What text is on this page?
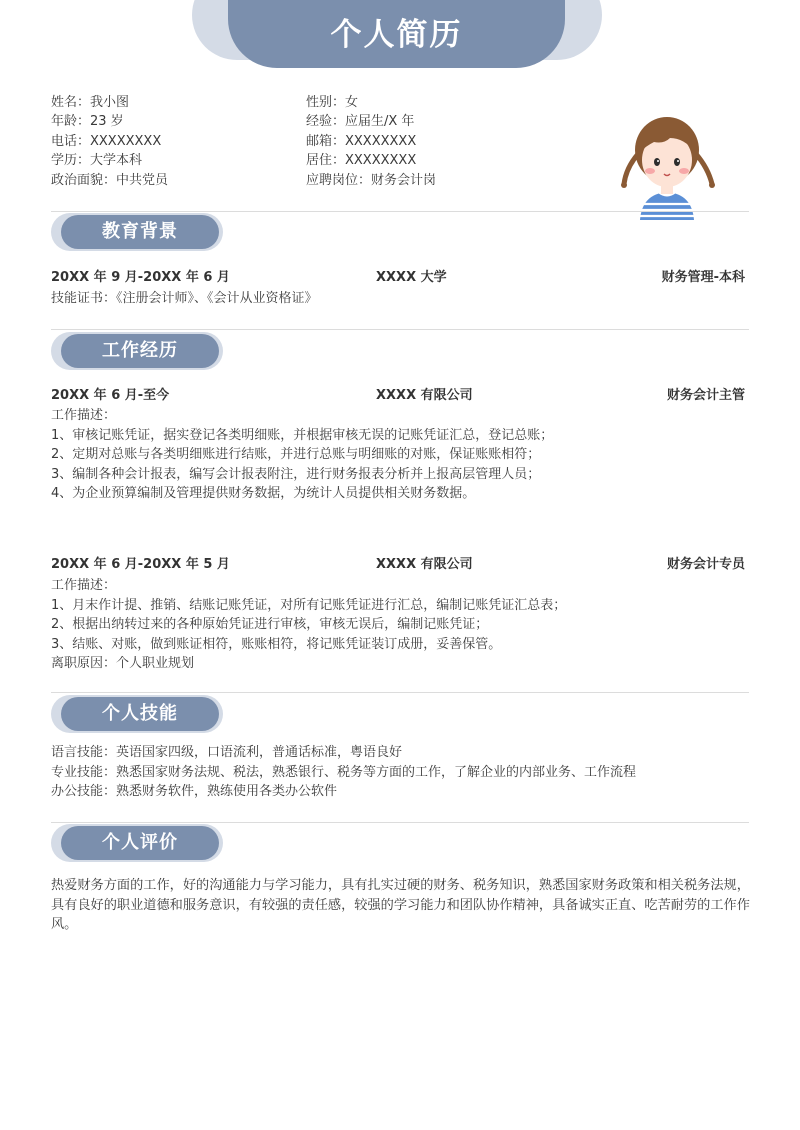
个人简历
姓名：我小图
年龄：23 岁
电话：XXXXXXXX
学历：大学本科
政治面貌：中共党员
性别：女
经验：应届生/X 年
邮箱：XXXXXXXX
居住：XXXXXXXX
应聘岗位：财务会计岗
教育背景
20XX 年 9 月-20XX 年 6 月	XXXX 大学	财务管理-本科
技能证书：《注册会计师》、《会计从业资格证》
工作经历
20XX 年 6 月-至今	XXXX 有限公司	财务会计主管
工作描述：
1、审核记账凭证，据实登记各类明细账，并根据审核无误的记账凭证汇总，登记总账；
2、定期对总账与各类明细账进行结账，并进行总账与明细账的对账，保证账账相符；
3、编制各种会计报表，编写会计报表附注，进行财务报表分析并上报高层管理人员；
4、为企业预算编制及管理提供财务数据，为统计人员提供相关财务数据。
20XX 年 6 月-20XX 年 5 月	XXXX 有限公司	财务会计专员
工作描述：
1、月末作计提、推销、结账记账凭证，对所有记账凭证进行汇总，编制记账凭证汇总表；
2、根据出纳转过来的各种原始凭证进行审核，审核无误后，编制记账凭证；
3、结账、对账，做到账证相符，账账相符，将记账凭证装订成册，妥善保管。
离职原因：个人职业规划
个人技能
语言技能：英语国家四级，口语流利，普通话标准，粤语良好
专业技能：熟悉国家财务法规、税法，熟悉银行、税务等方面的工作，了解企业的内部业务、工作流程
办公技能：熟悉财务软件，熟练使用各类办公软件
个人评价
热爱财务方面的工作，好的沟通能力与学习能力，具有扎实过硬的财务、税务知识，熟悉国家财务政策和相关税务法规，具有良好的职业道德和服务意识，有较强的责任感，较强的学习能力和团队协作精神，具备诚实正直、吃苦耐劳的工作作风。
